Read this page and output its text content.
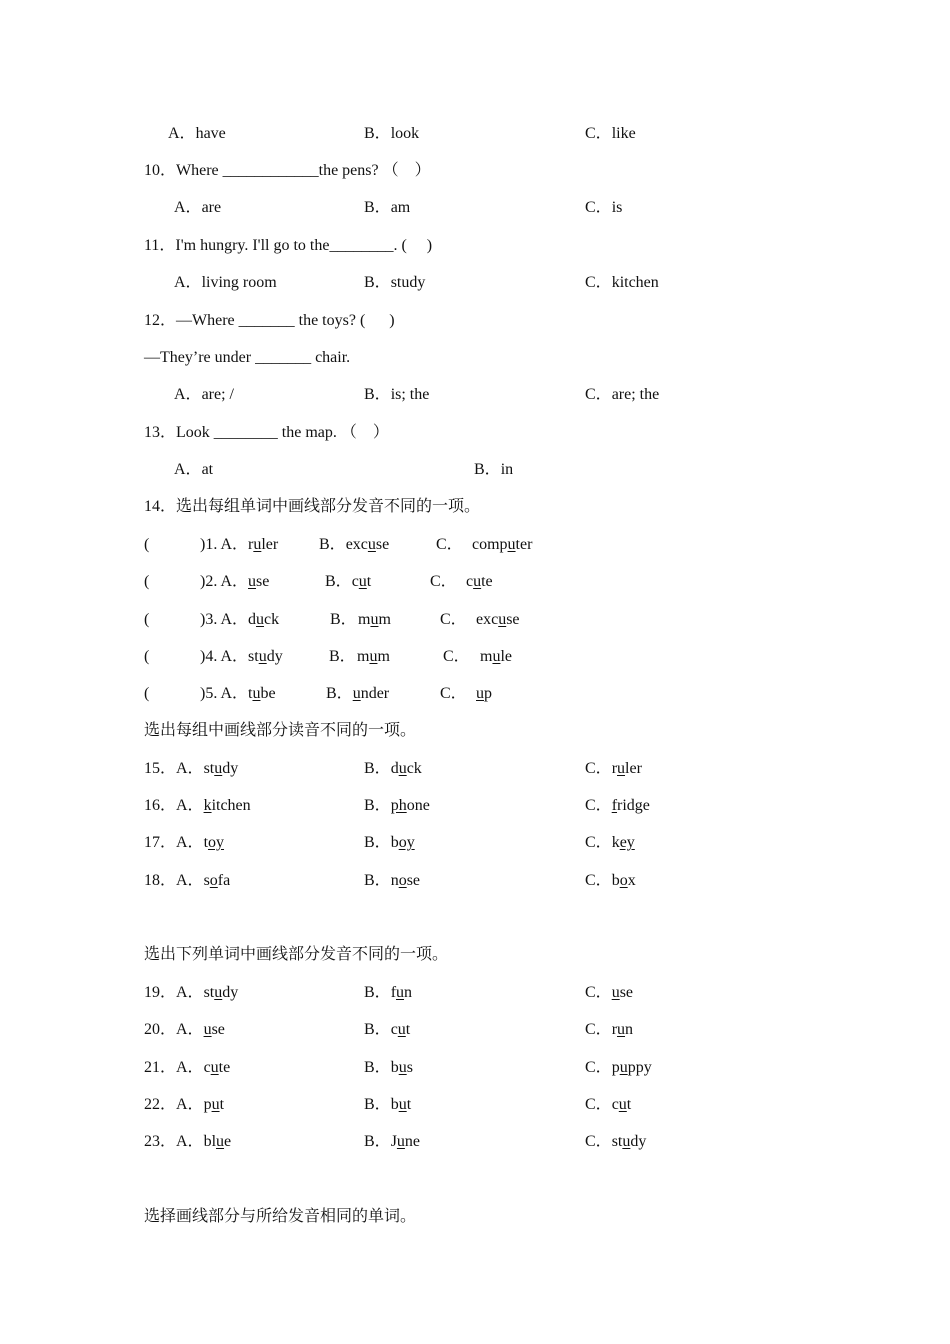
A．have	B．look	C．like
10．Where ____________the pens? （    ）
A．are	B．am	C．is
11．I'm hungry. I'll go to the________. (     )
A．living room	B．study	C．kitchen
12．—Where _______ the toys? (      )
—They’re under _______ chair.
A．are; /	B．is; the	C．are; the
13．Look ________ the map. （    ）
A．at	B．in
14．选出每组单词中画线部分发音不同的一项。
(	)1. A．ruler	B．excuse	C． computer
(	)2. A．use	B．cut	C． cute
(	)3. A．duck	B． mum	C． excuse
(	)4. A．study	B． mum	C． mule
(	)5. A．tube	B．under	C． up
选出每组中画线部分读音不同的一项。
15．A．study	B．duck	C．ruler
16．A．kitchen	B．phone	C．fridge
17．A．toy	B．boy	C．key
18．A．sofa	B．nose	C．box
选出下列单词中画线部分发音不同的一项。
19．A．study	B．fun	C．use
20．A．use	B．cut	C．run
21．A．cute	B．bus	C．puppy
22．A．put	B．but	C．cut
23．A．blue	B．June	C．study
选择画线部分与所给发音相同的单词。
